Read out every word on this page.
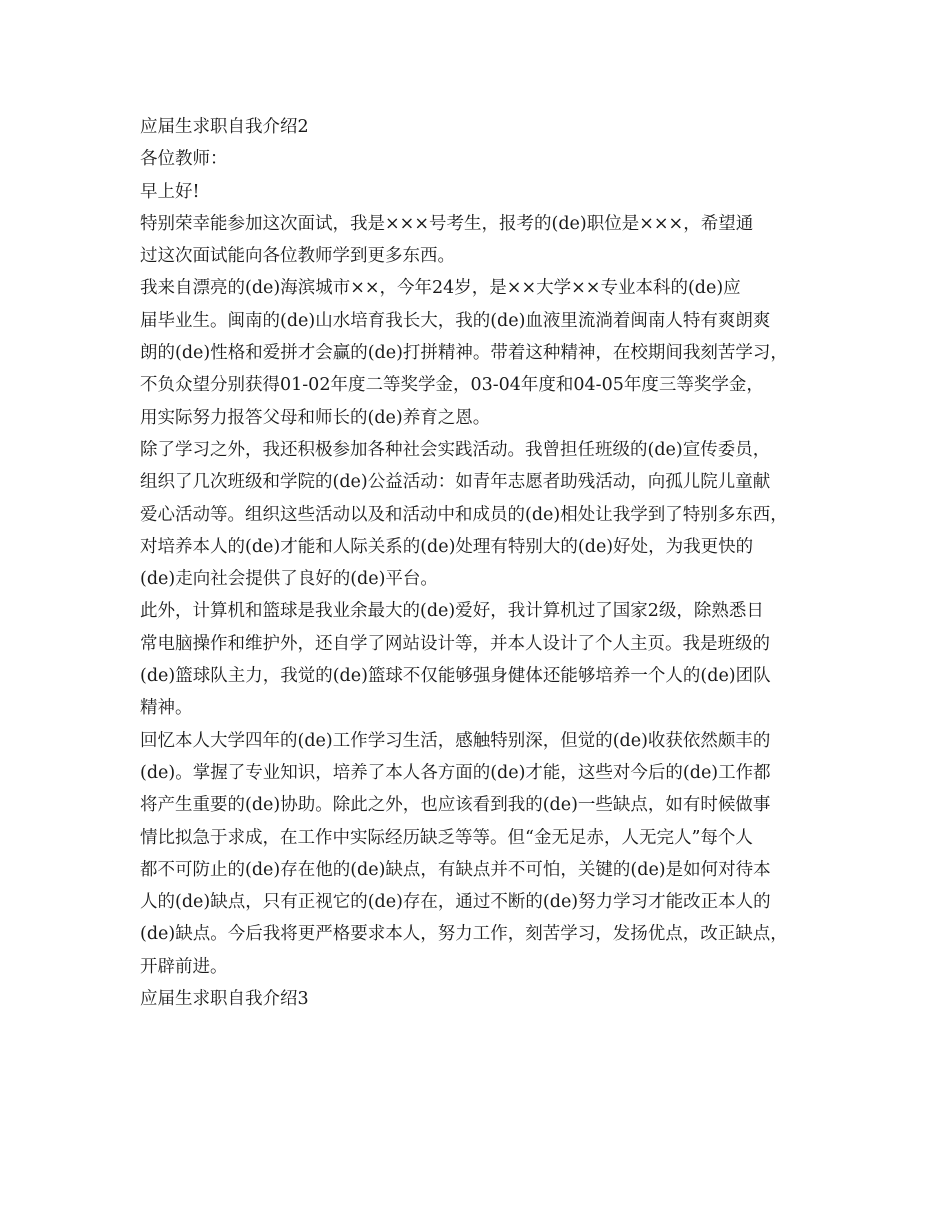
应届生求职自我介绍2
各位教师：
早上好!
特别荣幸能参加这次面试，我是×××号考生，报考的(de)职位是×××，希望通
过这次面试能向各位教师学到更多东西。
我来自漂亮的(de)海滨城市××，今年24岁，是××大学××专业本科的(de)应
届毕业生。闽南的(de)山水培育我长大，我的(de)血液里流淌着闽南人特有爽朗爽
朗的(de)性格和爱拼才会赢的(de)打拼精神。带着这种精神，在校期间我刻苦学习，
不负众望分别获得01-02年度二等奖学金，03-04年度和04-05年度三等奖学金，
用实际努力报答父母和师长的(de)养育之恩。
除了学习之外，我还积极参加各种社会实践活动。我曾担任班级的(de)宣传委员，
组织了几次班级和学院的(de)公益活动：如青年志愿者助残活动，向孤儿院儿童献
爱心活动等。组织这些活动以及和活动中和成员的(de)相处让我学到了特别多东西，
对培养本人的(de)才能和人际关系的(de)处理有特别大的(de)好处，为我更快的
(de)走向社会提供了良好的(de)平台。
此外，计算机和篮球是我业余最大的(de)爱好，我计算机过了国家2级，除熟悉日
常电脑操作和维护外，还自学了网站设计等，并本人设计了个人主页。我是班级的
(de)篮球队主力，我觉的(de)篮球不仅能够强身健体还能够培养一个人的(de)团队
精神。
回忆本人大学四年的(de)工作学习生活，感触特别深，但觉的(de)收获依然颇丰的
(de)。掌握了专业知识，培养了本人各方面的(de)才能，这些对今后的(de)工作都
将产生重要的(de)协助。除此之外，也应该看到我的(de)一些缺点，如有时候做事
情比拟急于求成，在工作中实际经历缺乏等等。但“金无足赤，人无完人”每个人
都不可防止的(de)存在他的(de)缺点，有缺点并不可怕，关键的(de)是如何对待本
人的(de)缺点，只有正视它的(de)存在，通过不断的(de)努力学习才能改正本人的
(de)缺点。今后我将更严格要求本人，努力工作，刻苦学习，发扬优点，改正缺点，
开辟前进。
应届生求职自我介绍3
